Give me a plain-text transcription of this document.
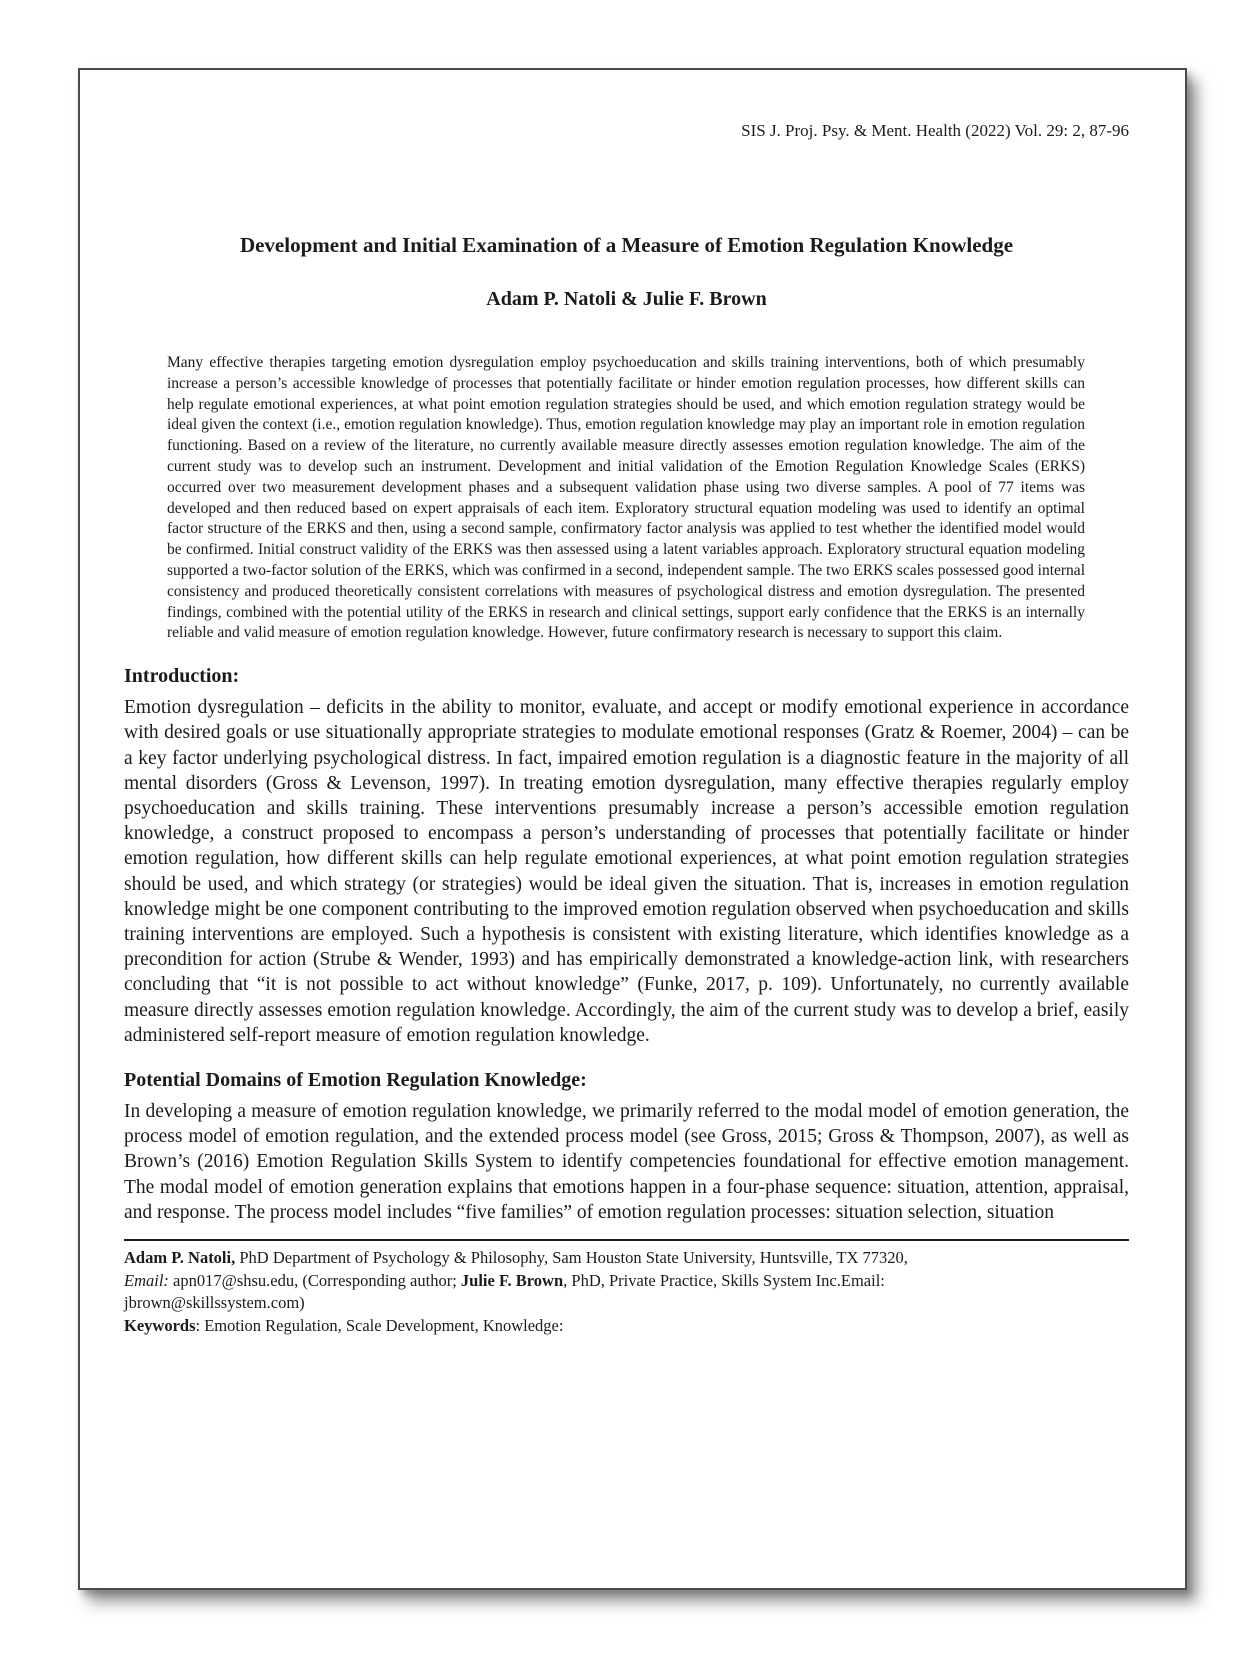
SIS J. Proj. Psy. & Ment. Health (2022) Vol. 29: 2, 87-96
Development and Initial Examination of a Measure of Emotion Regulation Knowledge
Adam P. Natoli & Julie F. Brown
Many effective therapies targeting emotion dysregulation employ psychoeducation and skills training interventions, both of which presumably increase a person’s accessible knowledge of processes that potentially facilitate or hinder emotion regulation processes, how different skills can help regulate emotional experiences, at what point emotion regulation strategies should be used, and which emotion regulation strategy would be ideal given the context (i.e., emotion regulation knowledge). Thus, emotion regulation knowledge may play an important role in emotion regulation functioning. Based on a review of the literature, no currently available measure directly assesses emotion regulation knowledge. The aim of the current study was to develop such an instrument. Development and initial validation of the Emotion Regulation Knowledge Scales (ERKS) occurred over two measurement development phases and a subsequent validation phase using two diverse samples. A pool of 77 items was developed and then reduced based on expert appraisals of each item. Exploratory structural equation modeling was used to identify an optimal factor structure of the ERKS and then, using a second sample, confirmatory factor analysis was applied to test whether the identified model would be confirmed. Initial construct validity of the ERKS was then assessed using a latent variables approach. Exploratory structural equation modeling supported a two-factor solution of the ERKS, which was confirmed in a second, independent sample. The two ERKS scales possessed good internal consistency and produced theoretically consistent correlations with measures of psychological distress and emotion dysregulation. The presented findings, combined with the potential utility of the ERKS in research and clinical settings, support early confidence that the ERKS is an internally reliable and valid measure of emotion regulation knowledge. However, future confirmatory research is necessary to support this claim.
Introduction:
Emotion dysregulation – deficits in the ability to monitor, evaluate, and accept or modify emotional experience in accordance with desired goals or use situationally appropriate strategies to modulate emotional responses (Gratz & Roemer, 2004) – can be a key factor underlying psychological distress. In fact, impaired emotion regulation is a diagnostic feature in the majority of all mental disorders (Gross & Levenson, 1997). In treating emotion dysregulation, many effective therapies regularly employ psychoeducation and skills training. These interventions presumably increase a person’s accessible emotion regulation knowledge, a construct proposed to encompass a person’s understanding of processes that potentially facilitate or hinder emotion regulation, how different skills can help regulate emotional experiences, at what point emotion regulation strategies should be used, and which strategy (or strategies) would be ideal given the situation. That is, increases in emotion regulation knowledge might be one component contributing to the improved emotion regulation observed when psychoeducation and skills training interventions are employed. Such a hypothesis is consistent with existing literature, which identifies knowledge as a precondition for action (Strube & Wender, 1993) and has empirically demonstrated a knowledge-action link, with researchers concluding that “it is not possible to act without knowledge” (Funke, 2017, p. 109). Unfortunately, no currently available measure directly assesses emotion regulation knowledge. Accordingly, the aim of the current study was to develop a brief, easily administered self-report measure of emotion regulation knowledge.
Potential Domains of Emotion Regulation Knowledge:
In developing a measure of emotion regulation knowledge, we primarily referred to the modal model of emotion generation, the process model of emotion regulation, and the extended process model (see Gross, 2015; Gross & Thompson, 2007), as well as Brown’s (2016) Emotion Regulation Skills System to identify competencies foundational for effective emotion management. The modal model of emotion generation explains that emotions happen in a four-phase sequence: situation, attention, appraisal, and response. The process model includes “five families” of emotion regulation processes: situation selection, situation
Adam P. Natoli, PhD Department of Psychology & Philosophy, Sam Houston State University, Huntsville, TX 77320,
Email: apn017@shsu.edu, (Corresponding author; Julie F. Brown, PhD, Private Practice, Skills System Inc.Email:
jbrown@skillssystem.com)
Keywords: Emotion Regulation, Scale Development, Knowledge:
